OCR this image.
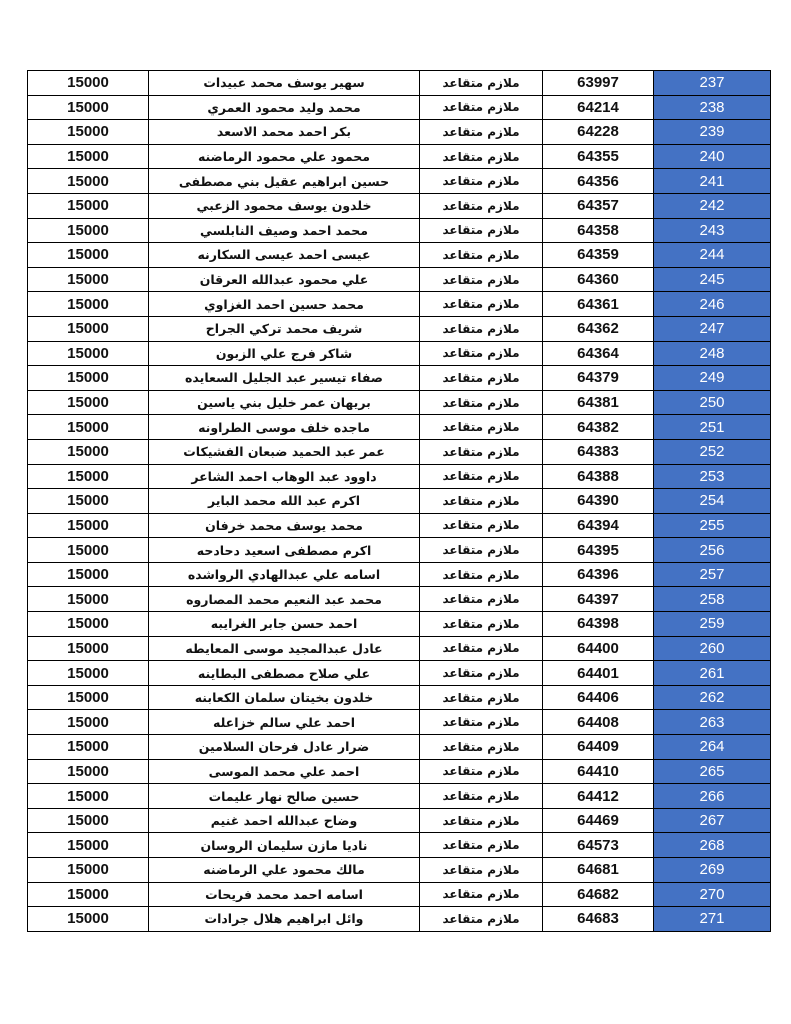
15000	سهير يوسف محمد عبيدات	ملازم متقاعد	63997	237
15000	محمد وليد محمود العمري	ملازم متقاعد	64214	238
15000	بكر احمد محمد الاسعد	ملازم متقاعد	64228	239
15000	محمود علي محمود الرماضنه	ملازم متقاعد	64355	240
15000	حسين ابراهيم عقيل بني مصطفى	ملازم متقاعد	64356	241
15000	خلدون يوسف محمود الزعبي	ملازم متقاعد	64357	242
15000	محمد احمد وصيف النابلسي	ملازم متقاعد	64358	243
15000	عيسى احمد عيسى السكارنه	ملازم متقاعد	64359	244
15000	علي محمود عبدالله العرقان	ملازم متقاعد	64360	245
15000	محمد حسين احمد الغزاوي	ملازم متقاعد	64361	246
15000	شريف محمد تركي الجراح	ملازم متقاعد	64362	247
15000	شاكر فرج علي الزبون	ملازم متقاعد	64364	248
15000	صفاء تيسير عبد الجليل السعايده	ملازم متقاعد	64379	249
15000	بريهان عمر خليل بني ياسين	ملازم متقاعد	64381	250
15000	ماجده خلف موسى الطراونه	ملازم متقاعد	64382	251
15000	عمر عبد الحميد ضبعان الفشيكات	ملازم متقاعد	64383	252
15000	داوود عبد الوهاب احمد الشاعر	ملازم متقاعد	64388	253
15000	اكرم عبد الله محمد الباير	ملازم متقاعد	64390	254
15000	محمد يوسف محمد خرفان	ملازم متقاعد	64394	255
15000	اكرم مصطفى اسعيد دحادحه	ملازم متقاعد	64395	256
15000	اسامه علي عبدالهادي الرواشده	ملازم متقاعد	64396	257
15000	محمد عبد النعيم محمد المصاروه	ملازم متقاعد	64397	258
15000	احمد حسن جابر الغرايبه	ملازم متقاعد	64398	259
15000	عادل عبدالمجيد موسى المعايطه	ملازم متقاعد	64400	260
15000	علي صلاح مصطفى البطاينه	ملازم متقاعد	64401	261
15000	خلدون بخيتان سلمان الكعابنه	ملازم متقاعد	64406	262
15000	احمد علي سالم خزاعله	ملازم متقاعد	64408	263
15000	ضرار عادل فرحان السلامين	ملازم متقاعد	64409	264
15000	احمد علي محمد الموسى	ملازم متقاعد	64410	265
15000	حسين صالح نهار عليمات	ملازم متقاعد	64412	266
15000	وضاح عبدالله احمد غنيم	ملازم متقاعد	64469	267
15000	ناديا مازن سليمان الروسان	ملازم متقاعد	64573	268
15000	مالك محمود علي الرماضنه	ملازم متقاعد	64681	269
15000	اسامه احمد محمد فريحات	ملازم متقاعد	64682	270
15000	وائل ابراهيم هلال جرادات	ملازم متقاعد	64683	271
